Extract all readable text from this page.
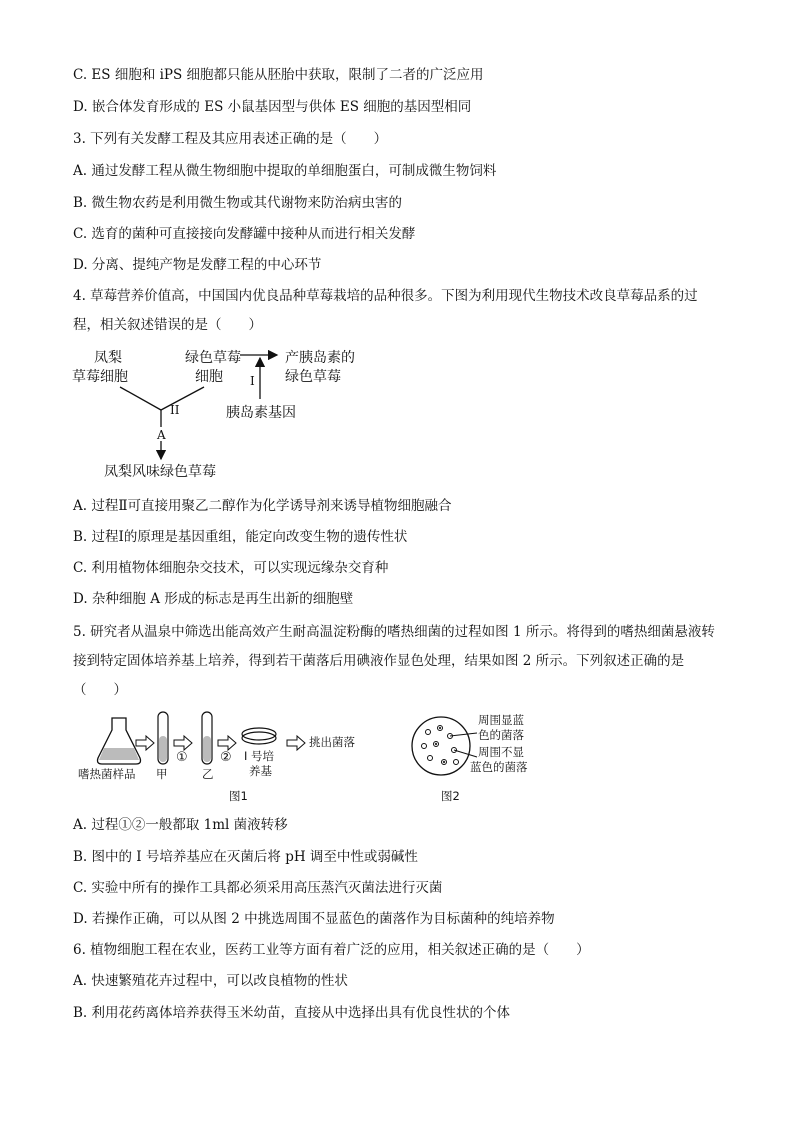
C. ES 细胞和 iPS 细胞都只能从胚胎中获取，限制了二者的广泛应用
D. 嵌合体发育形成的 ES 小鼠基因型与供体 ES 细胞的基因型相同
3. 下列有关发酵工程及其应用表述正确的是（　　）
A. 通过发酵工程从微生物细胞中提取的单细胞蛋白，可制成微生物饲料
B. 微生物农药是利用微生物或其代谢物来防治病虫害的
C. 选育的菌种可直接接向发酵罐中接种从而进行相关发酵
D. 分离、提纯产物是发酵工程的中心环节
4. 草莓营养价值高，中国国内优良品种草莓栽培的品种很多。下图为利用现代生物技术改良草莓品系的过程，相关叙述错误的是（　　）
凤梨
草莓细胞
绿色草莓
细胞
产胰岛素的
绿色草莓
胰岛素基因
I
II
A
凤梨风味绿色草莓
A. 过程Ⅱ可直接用聚乙二醇作为化学诱导剂来诱导植物细胞融合
B. 过程Ⅰ的原理是基因重组，能定向改变生物的遗传性状
C. 利用植物体细胞杂交技术，可以实现远缘杂交育种
D. 杂种细胞 A 形成的标志是再生出新的细胞壁
5. 研究者从温泉中筛选出能高效产生耐高温淀粉酶的嗜热细菌的过程如图 1 所示。将得到的嗜热细菌悬液转接到特定固体培养基上培养，得到若干菌落后用碘液作显色处理，结果如图 2 所示。下列叙述正确的是（　　）
嗜热菌样品 甲	乙
① ② I 号培
养基
挑出菌落
图1
周围显蓝
色的菌落
周围不显
蓝色的菌落
图2
A. 过程①②一般都取 1ml 菌液转移
B. 图中的 I 号培养基应在灭菌后将 pH 调至中性或弱碱性
C. 实验中所有的操作工具都必须采用高压蒸汽灭菌法进行灭菌
D. 若操作正确，可以从图 2 中挑选周围不显蓝色的菌落作为目标菌种的纯培养物
6. 植物细胞工程在农业，医药工业等方面有着广泛的应用，相关叙述正确的是（　　）
A. 快速繁殖花卉过程中，可以改良植物的性状
B. 利用花药离体培养获得玉米幼苗，直接从中选择出具有优良性状的个体
